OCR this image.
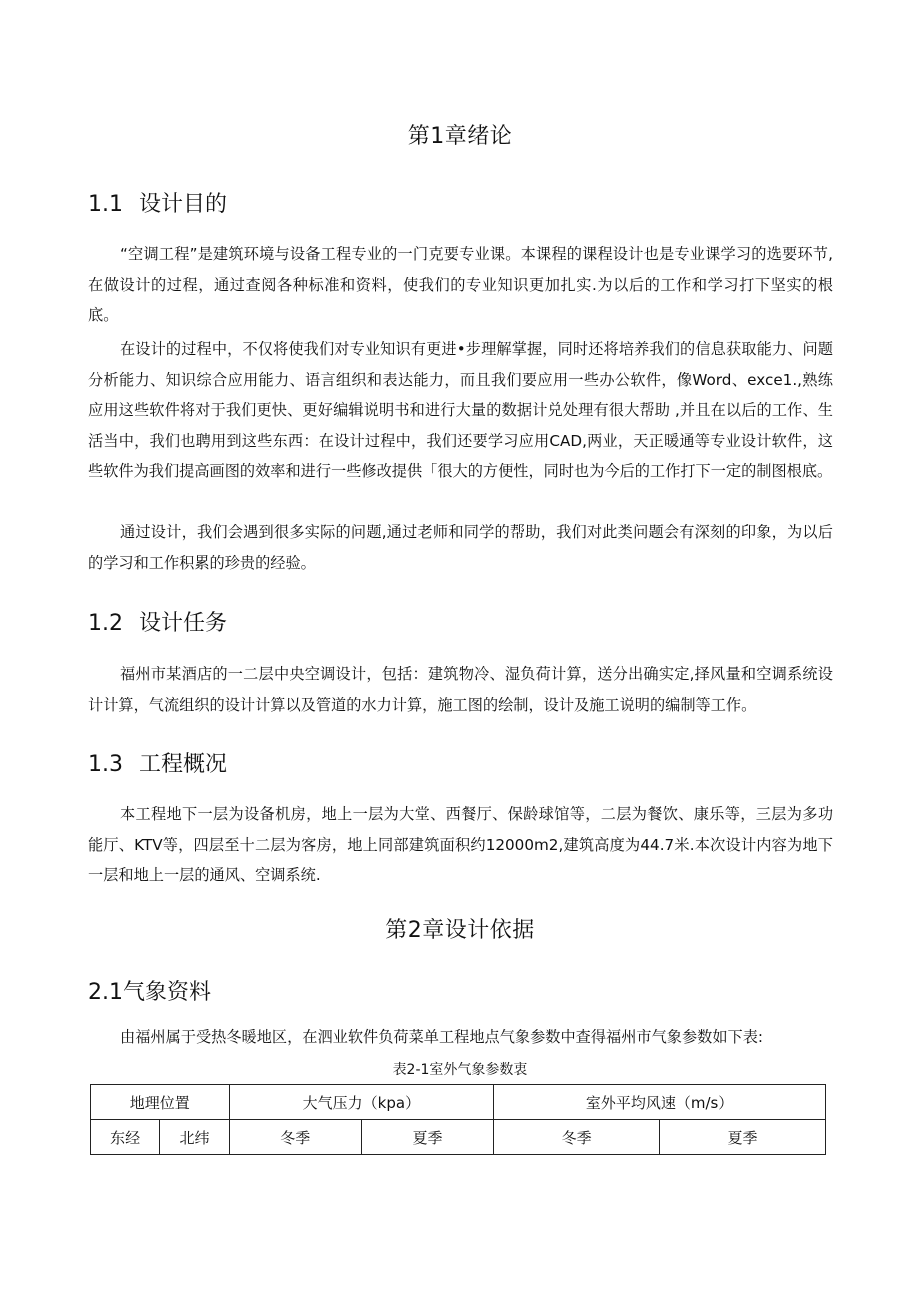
第1章绪论
1.1 设计目的

“空调工程”是建筑环境与设备工程专业的一门克要专业课。本课程的课程设计也是专业课学习的选要环节,在做设计的过程，通过查阅各种标准和资料，使我们的专业知识更加扎实.为以后的工作和学习打下坚实的根底。

在设计的过程中，不仅将使我们对专业知识有更进•步理解掌握，同时还将培养我们的信息获取能力、问题分析能力、知识综合应用能力、语言组织和表达能力，而且我们要应用一些办公软件，像Word、exce1.,熟练应用这些软件将对于我们更快、更好编辑说明书和进行大量的数据计兑处理有很大帮助 ,并且在以后的工作、生活当中，我们也聘用到这些东西：在设计过程中，我们还要学习应用CAD,两业，天正暖通等专业设计软件，这些软件为我们提高画图的效率和进行一些修改提供「很大的方便性，同时也为今后的工作打下一定的制图根底。

通过设计，我们会遇到很多实际的问题,通过老师和同学的帮助，我们对此类问题会有深刻的印象，为以后的学习和工作积累的珍贵的经验。

1.2 设计任务

福州市某酒店的一二层中央空调设计，包括：建筑物冷、湿负荷计算，送分出确实定,择风量和空调系统设计计算，气流组织的设计计算以及管道的水力计算，施工图的绘制，设计及施工说明的编制等工作。

1.3 工程概况

本工程地下一层为设备机房，地上一层为大堂、西餐厅、保龄球馆等，二层为餐饮、康乐等，三层为多功能厅、KTV等，四层至十二层为客房，地上同部建筑面积约12000m2,建筑高度为44.7米.本次设计内容为地下一层和地上一层的通风、空调系统.

第2章设计依据
2.1气象资料

由福州属于受热冬暖地区，在泗业软件负荷菜单工程地点气象参数中查得福州市气象参数如下表:

表2-1室外气象参数衷
地理位置		大气压力（kpa）		室外平均风速（m/s）	
东经	北纬	冬季	夏季	冬季	夏季
